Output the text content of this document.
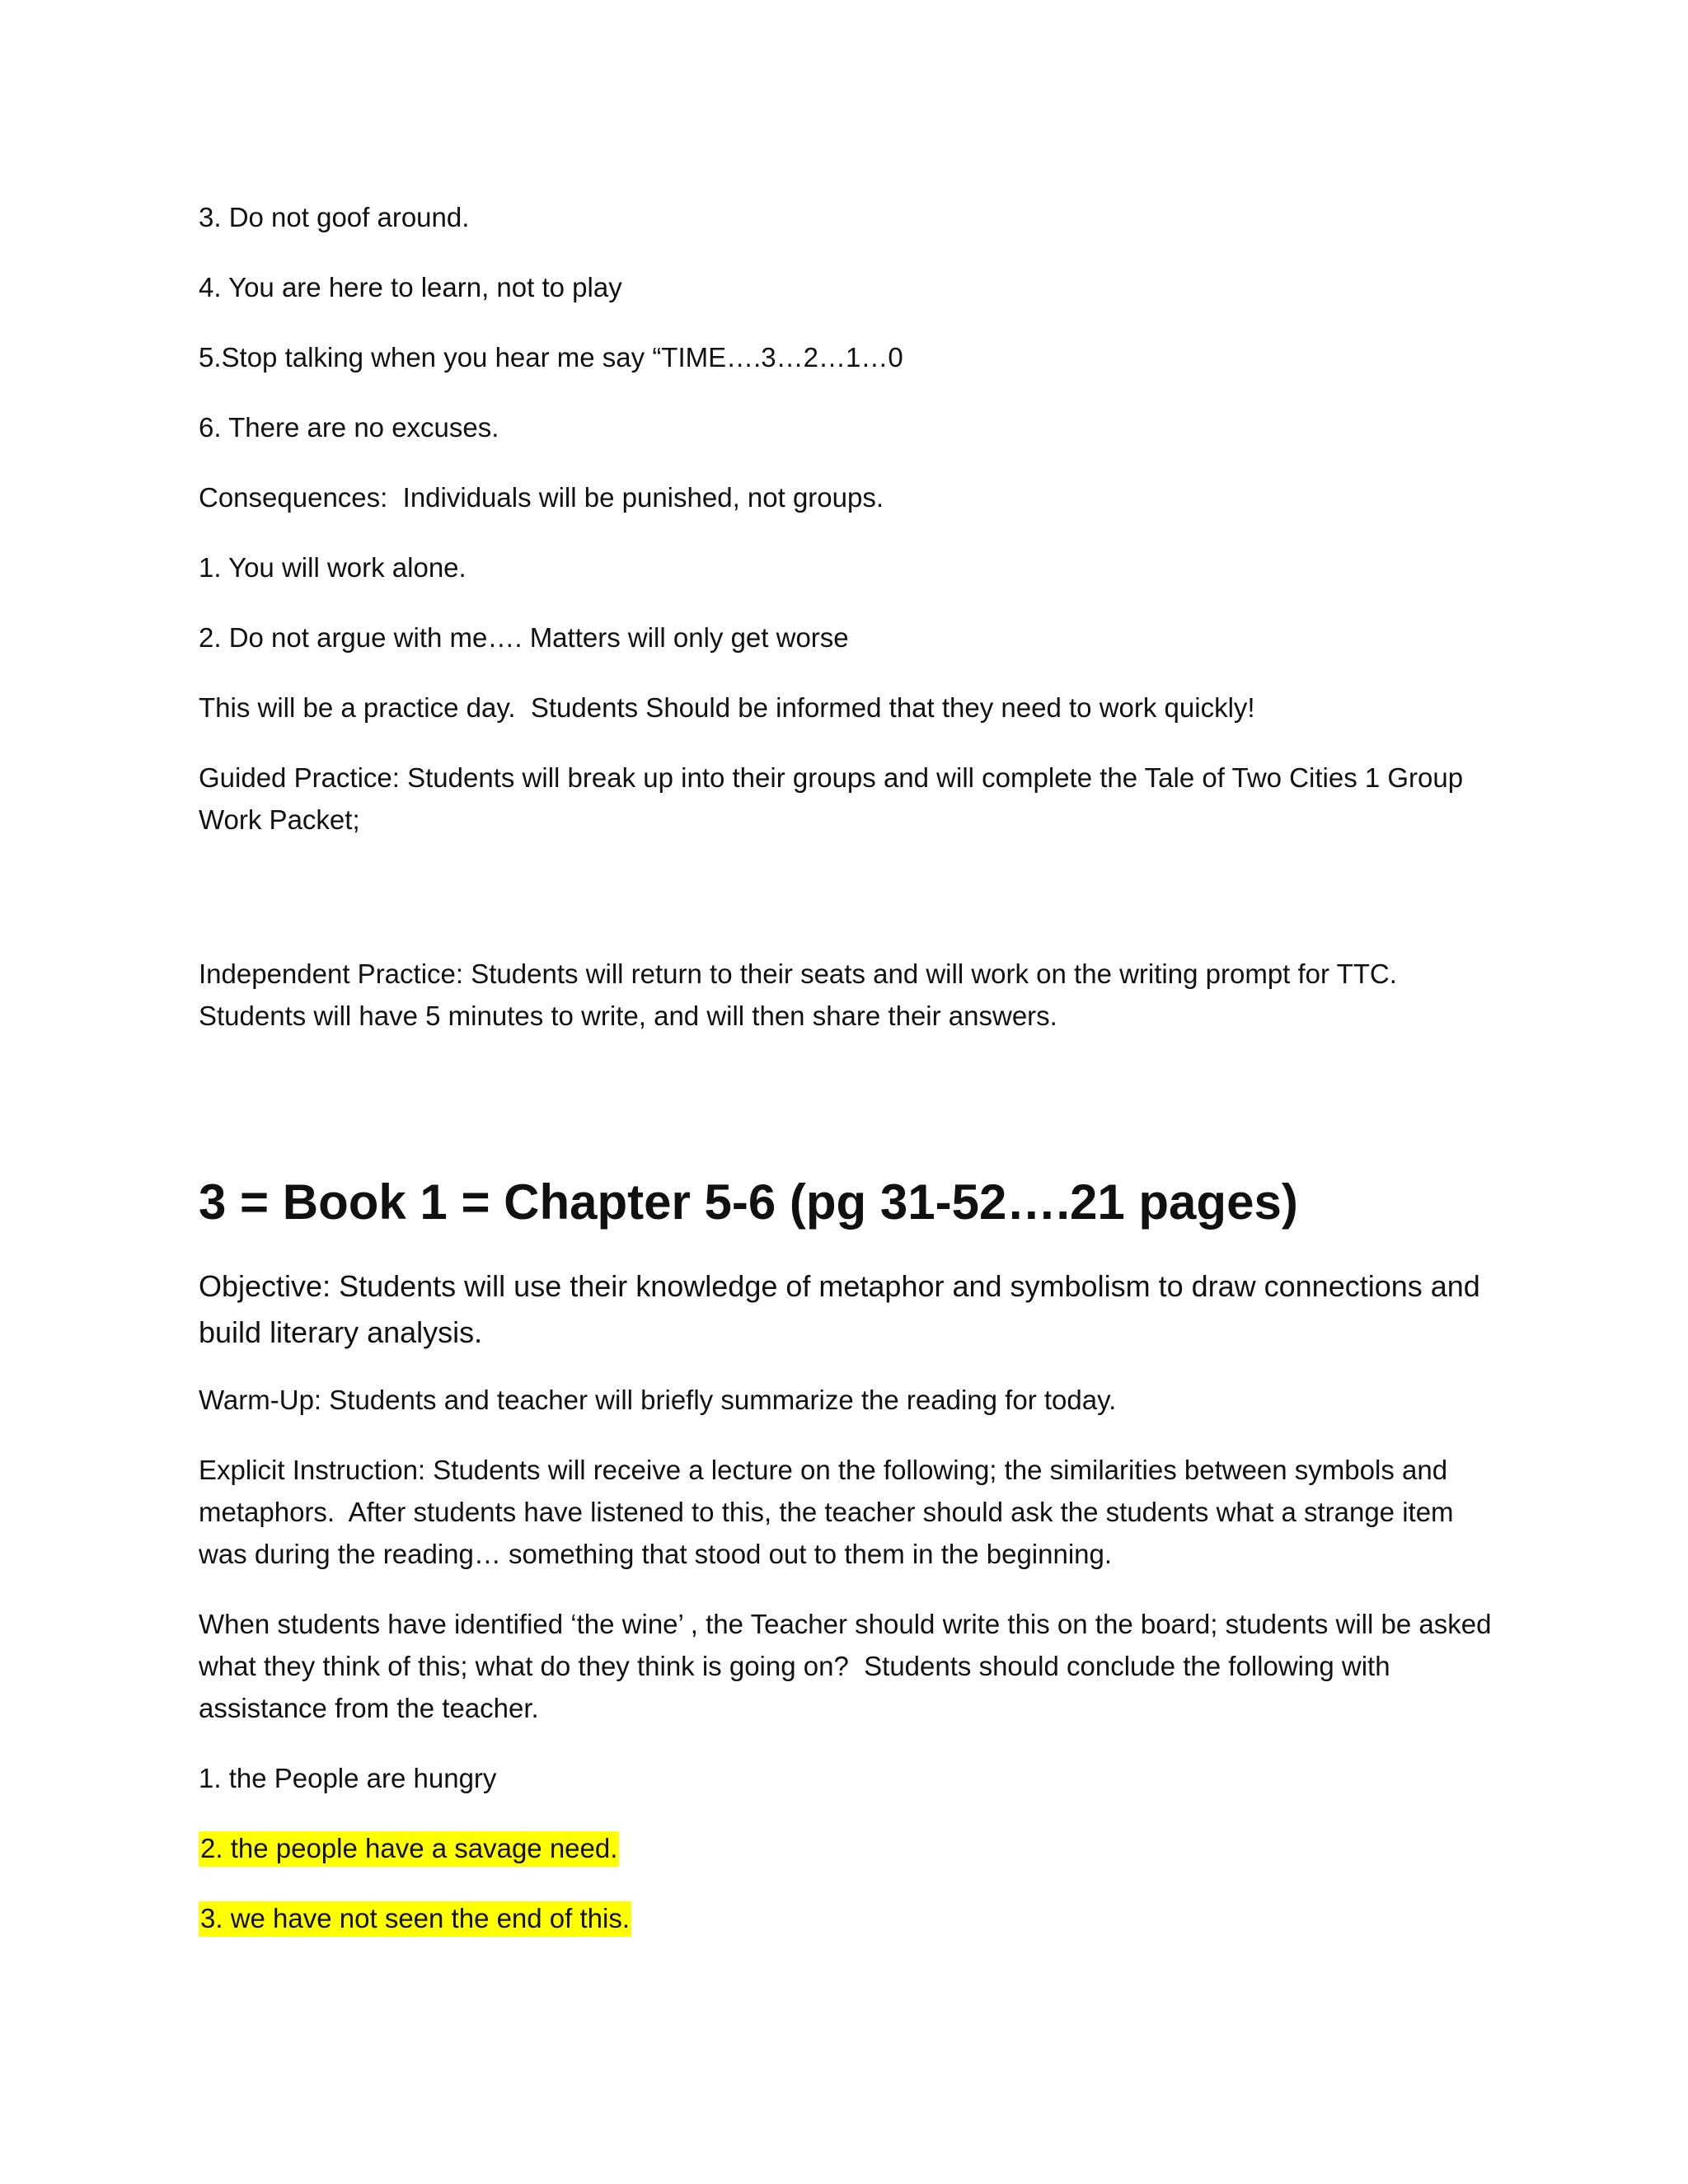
3. Do not goof around.

4. You are here to learn, not to play

5.Stop talking when you hear me say “TIME….3…2…1…0

6. There are no excuses.

Consequences:  Individuals will be punished, not groups.

1. You will work alone.

2. Do not argue with me…. Matters will only get worse

This will be a practice day.  Students Should be informed that they need to work quickly!

Guided Practice: Students will break up into their groups and will complete the Tale of Two Cities 1 Group Work Packet;

Independent Practice: Students will return to their seats and will work on the writing prompt for TTC. Students will have 5 minutes to write, and will then share their answers.

3 = Book 1 = Chapter 5-6 (pg 31-52….21 pages)

Objective: Students will use their knowledge of metaphor and symbolism to draw connections and build literary analysis.

Warm-Up: Students and teacher will briefly summarize the reading for today.

Explicit Instruction: Students will receive a lecture on the following; the similarities between symbols and metaphors.  After students have listened to this, the teacher should ask the students what a strange item was during the reading… something that stood out to them in the beginning.

When students have identified ‘the wine’ , the Teacher should write this on the board; students will be asked what they think of this; what do they think is going on?  Students should conclude the following with assistance from the teacher.

1. the People are hungry

2. the people have a savage need.

3. we have not seen the end of this.
